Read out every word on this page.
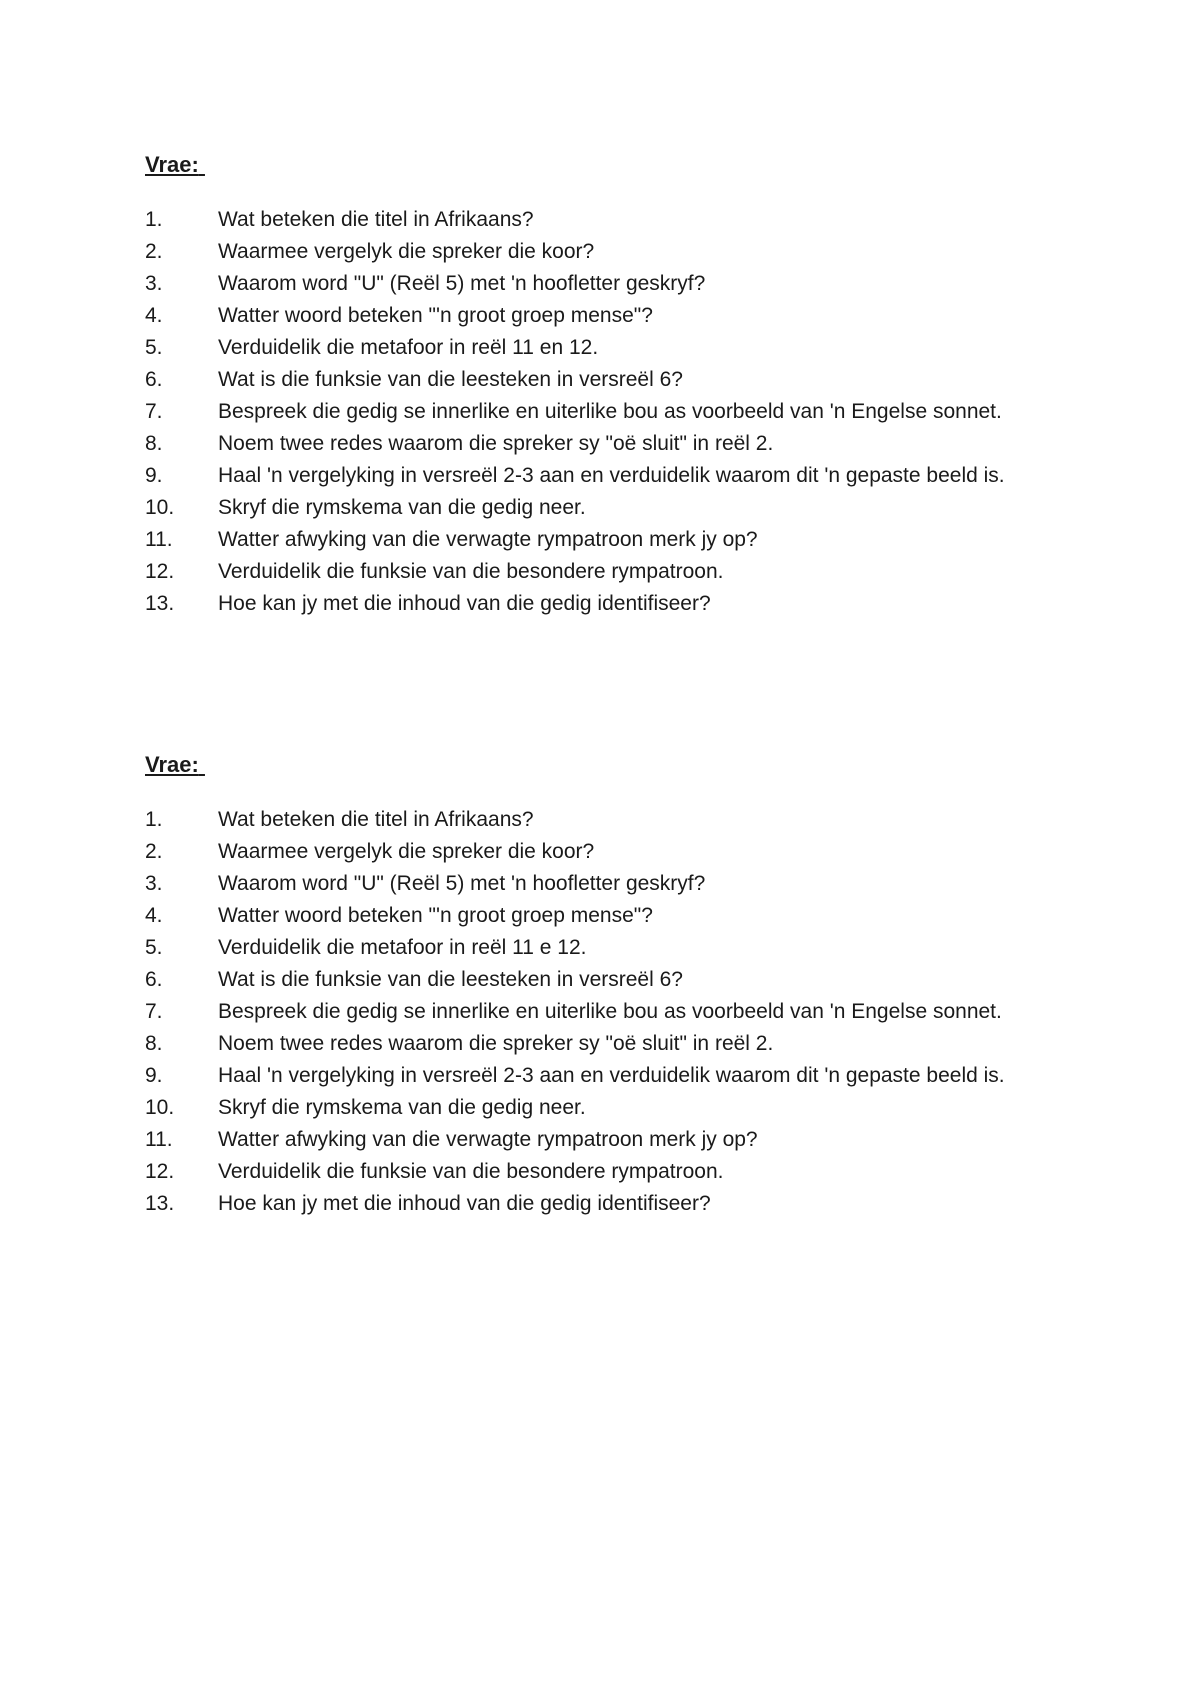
Vrae:
1.	Wat beteken die titel in Afrikaans?
2.	Waarmee vergelyk die spreker die koor?
3.	Waarom word "U" (Reël 5) met 'n hoofletter geskryf?
4.	Watter woord beteken "'n groot groep mense"?
5.	Verduidelik die metafoor in reël 11 en 12.
6.	Wat is die funksie van die leesteken in versreël 6?
7.	Bespreek die gedig se innerlike en uiterlike bou as voorbeeld van 'n Engelse sonnet.
8.	Noem twee redes waarom die spreker sy "oë sluit" in reël 2.
9.	Haal 'n vergelyking in versreël 2-3 aan en verduidelik waarom dit 'n gepaste beeld is.
10.	Skryf die rymskema van die gedig neer.
11.	Watter afwyking van die verwagte rympatroon merk jy op?
12.	Verduidelik die funksie van die besondere rympatroon.
13.	Hoe kan jy met die inhoud van die gedig identifiseer?
Vrae:
1.	Wat beteken die titel in Afrikaans?
2.	Waarmee vergelyk die spreker die koor?
3.	Waarom word "U" (Reël 5) met 'n hoofletter geskryf?
4.	Watter woord beteken "'n groot groep mense"?
5.	Verduidelik die metafoor in reël 11 e 12.
6.	Wat is die funksie van die leesteken in versreël 6?
7.	Bespreek die gedig se innerlike en uiterlike bou as voorbeeld van 'n Engelse sonnet.
8.	Noem twee redes waarom die spreker sy "oë sluit" in reël 2.
9.	Haal 'n vergelyking in versreël 2-3 aan en verduidelik waarom dit 'n gepaste beeld is.
10.	Skryf die rymskema van die gedig neer.
11.	Watter afwyking van die verwagte rympatroon merk jy op?
12.	Verduidelik die funksie van die besondere rympatroon.
13.	Hoe kan jy met die inhoud van die gedig identifiseer?
